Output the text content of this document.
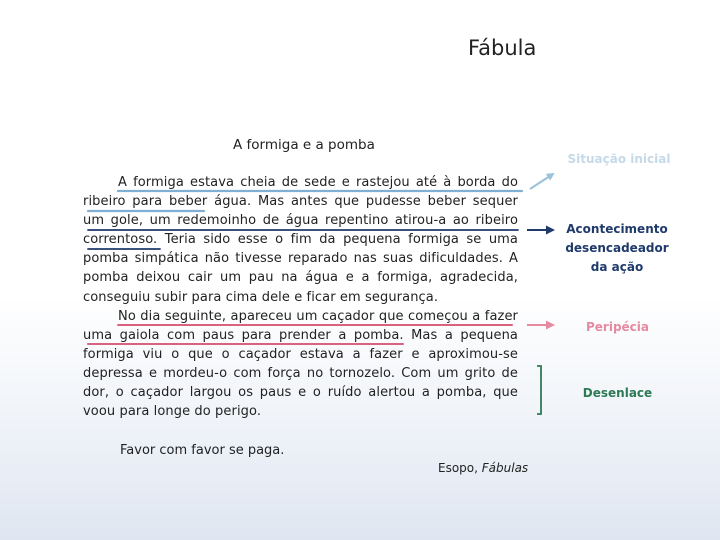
Fábula
A formiga e a pomba

A formiga estava cheia de sede e rastejou até à borda do ribeiro para beber água. Mas antes que pudesse beber sequer um gole, um redemoinho de água repentino atirou-a ao ribeiro correntoso. Teria sido esse o fim da pequena formiga se uma pomba simpática não tivesse reparado nas suas dificuldades. A pomba deixou cair um pau na água e a formiga, agradecida, conseguiu subir para cima dele e ficar em segurança.

No dia seguinte, apareceu um caçador que começou a fazer uma gaiola com paus para prender a pomba. Mas a pequena formiga viu o que o caçador estava a fazer e aproximou-se depressa e mordeu-o com força no tornozelo. Com um grito de dor, o caçador largou os paus e o ruído alertou a pomba, que voou para longe do perigo.

Favor com favor se paga.
Esopo, Fábulas
Situação inicial
Acontecimento desencadeador da ação
Peripécia
Desenlace
